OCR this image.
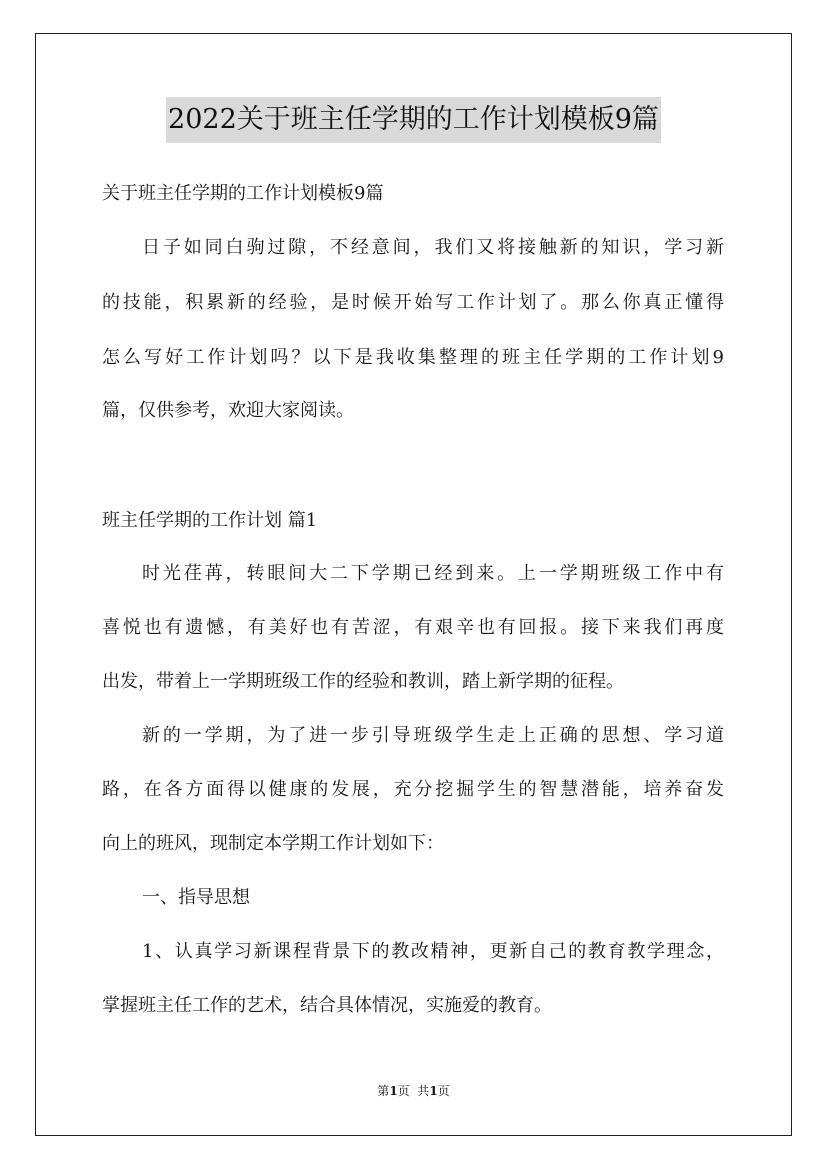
2022关于班主任学期的工作计划模板9篇
关于班主任学期的工作计划模板9篇
日子如同白驹过隙，不经意间，我们又将接触新的知识，学习新
的技能，积累新的经验，是时候开始写工作计划了。那么你真正懂得
怎么写好工作计划吗？以下是我收集整理的班主任学期的工作计划9
篇，仅供参考，欢迎大家阅读。
班主任学期的工作计划 篇1
时光荏苒，转眼间大二下学期已经到来。上一学期班级工作中有
喜悦也有遗憾，有美好也有苦涩，有艰辛也有回报。接下来我们再度
出发，带着上一学期班级工作的经验和教训，踏上新学期的征程。
新的一学期，为了进一步引导班级学生走上正确的思想、学习道
路，在各方面得以健康的发展，充分挖掘学生的智慧潜能，培养奋发
向上的班风，现制定本学期工作计划如下：
一、指导思想
1、认真学习新课程背景下的教改精神，更新自己的教育教学理念，
掌握班主任工作的艺术，结合具体情况，实施爱的教育。
第1页  共1页
